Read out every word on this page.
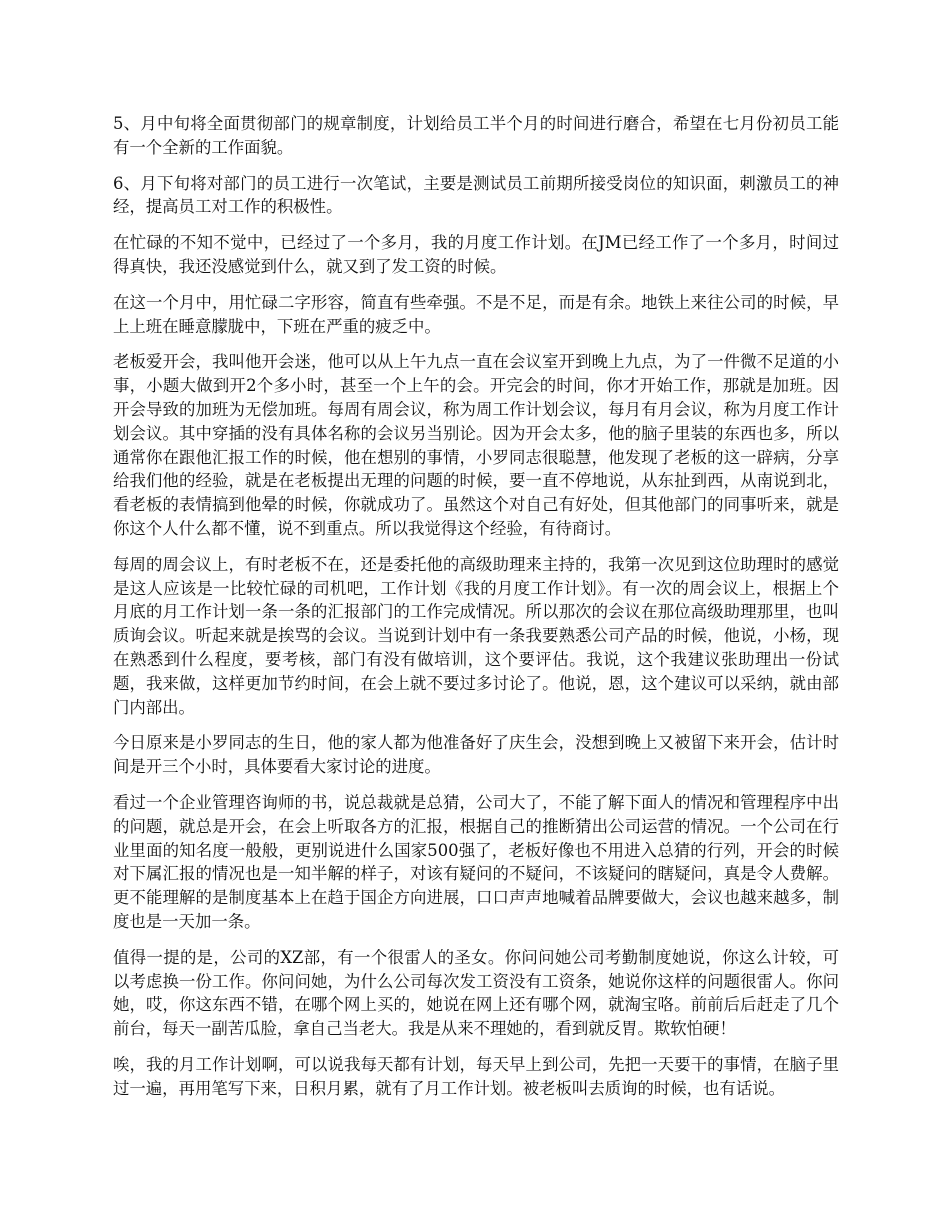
5、月中旬将全面贯彻部门的规章制度，计划给员工半个月的时间进行磨合，希望在七月份初员工能有一个全新的工作面貌。

6、月下旬将对部门的员工进行一次笔试，主要是测试员工前期所接受岗位的知识面，刺激员工的神经，提高员工对工作的积极性。

在忙碌的不知不觉中，已经过了一个多月，我的月度工作计划。在JM已经工作了一个多月，时间过得真快，我还没感觉到什么，就又到了发工资的时候。

在这一个月中，用忙碌二字形容，简直有些牵强。不是不足，而是有余。地铁上来往公司的时候，早上上班在睡意朦胧中，下班在严重的疲乏中。

老板爱开会，我叫他开会迷，他可以从上午九点一直在会议室开到晚上九点，为了一件微不足道的小事，小题大做到开2个多小时，甚至一个上午的会。开完会的时间，你才开始工作，那就是加班。因开会导致的加班为无偿加班。每周有周会议，称为周工作计划会议，每月有月会议，称为月度工作计划会议。其中穿插的没有具体名称的会议另当别论。因为开会太多，他的脑子里装的东西也多，所以通常你在跟他汇报工作的时候，他在想别的事情，小罗同志很聪慧，他发现了老板的这一辟病，分享给我们他的经验，就是在老板提出无理的问题的时候，要一直不停地说，从东扯到西，从南说到北，看老板的表情搞到他晕的时候，你就成功了。虽然这个对自己有好处，但其他部门的同事听来，就是你这个人什么都不懂，说不到重点。所以我觉得这个经验，有待商讨。

每周的周会议上，有时老板不在，还是委托他的高级助理来主持的，我第一次见到这位助理时的感觉是这人应该是一比较忙碌的司机吧，工作计划《我的月度工作计划》。有一次的周会议上，根据上个月底的月工作计划一条一条的汇报部门的工作完成情况。所以那次的会议在那位高级助理那里，也叫质询会议。听起来就是挨骂的会议。当说到计划中有一条我要熟悉公司产品的时候，他说，小杨，现在熟悉到什么程度，要考核，部门有没有做培训，这个要评估。我说，这个我建议张助理出一份试题，我来做，这样更加节约时间，在会上就不要过多讨论了。他说，恩，这个建议可以采纳，就由部门内部出。

今日原来是小罗同志的生日，他的家人都为他准备好了庆生会，没想到晚上又被留下来开会，估计时间是开三个小时，具体要看大家讨论的进度。

看过一个企业管理咨询师的书，说总裁就是总猜，公司大了，不能了解下面人的情况和管理程序中出的问题，就总是开会，在会上听取各方的汇报，根据自己的推断猜出公司运营的情况。一个公司在行业里面的知名度一般般，更别说进什么国家500强了，老板好像也不用进入总猜的行列，开会的时候对下属汇报的情况也是一知半解的样子，对该有疑问的不疑问，不该疑问的瞎疑问，真是令人费解。更不能理解的是制度基本上在趋于国企方向进展，口口声声地喊着品牌要做大，会议也越来越多，制度也是一天加一条。

值得一提的是，公司的XZ部，有一个很雷人的圣女。你问问她公司考勤制度她说，你这么计较，可以考虑换一份工作。你问问她，为什么公司每次发工资没有工资条，她说你这样的问题很雷人。你问她，哎，你这东西不错，在哪个网上买的，她说在网上还有哪个网，就淘宝咯。前前后后赶走了几个前台，每天一副苦瓜脸，拿自己当老大。我是从来不理她的，看到就反胃。欺软怕硬！

唉，我的月工作计划啊，可以说我每天都有计划，每天早上到公司，先把一天要干的事情，在脑子里过一遍，再用笔写下来，日积月累，就有了月工作计划。被老板叫去质询的时候，也有话说。
